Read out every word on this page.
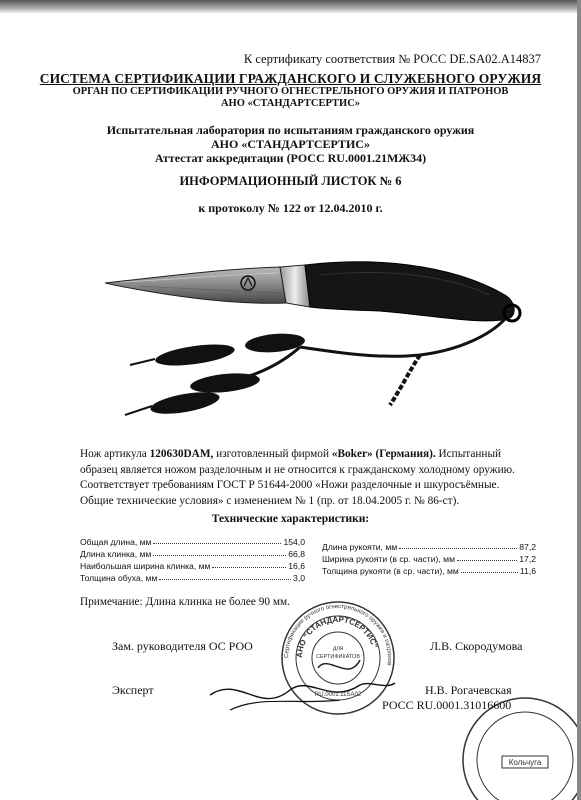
К сертификату соответствия № РОСС DE.SA02.A14837
СИСТЕМА СЕРТИФИКАЦИИ ГРАЖДАНСКОГО И СЛУЖЕБНОГО ОРУЖИЯ
ОРГАН ПО СЕРТИФИКАЦИИ РУЧНОГО ОГНЕСТРЕЛЬНОГО ОРУЖИЯ И ПАТРОНОВ
АНО «СТАНДАРТСЕРТИС»
Испытательная лаборатория по испытаниям гражданского оружия
АНО «СТАНДАРТСЕРТИС»
Аттестат аккредитации (РОСС RU.0001.21МЖ34)
ИНФОРМАЦИОННЫЙ ЛИСТОК № 6
к протоколу № 122 от 12.04.2010 г.
Нож артикула 120630DAM, изготовленный фирмой «Boker» (Германия). Испытанный
образец является ножом разделочным и не относится к гражданскому холодному оружию.
Соответствует требованиям ГОСТ Р 51644-2000 «Ножи разделочные и шкуросъёмные.
Общие технические условия» с изменением № 1 (пр. от 18.04.2005 г. № 86-ст).
Технические характеристики:
Общая длина, мм	154,0
Длина клинка, мм	66,8
Наибольшая ширина клинка, мм	16,6
Толщина обуха, мм	3,0
Длина рукояти, мм	87,2
Ширина рукояти (в ср. части), мм	17,2
Толщина рукояти (в ср. части), мм	11,6
Примечание: Длина клинка не более 90 мм.
Сертификации ручного огнестрельного оружия и патронов
АНО "СТАНДАРТСЕРТИС"
для
СЕРТИФИКАТОВ
RU.0001.11SA02
Кольчуга
Зам. руководителя ОС РОО	Л.В. Скородумова
Эксперт	Н.В. Рогачевская
РОСС RU.0001.31016600
